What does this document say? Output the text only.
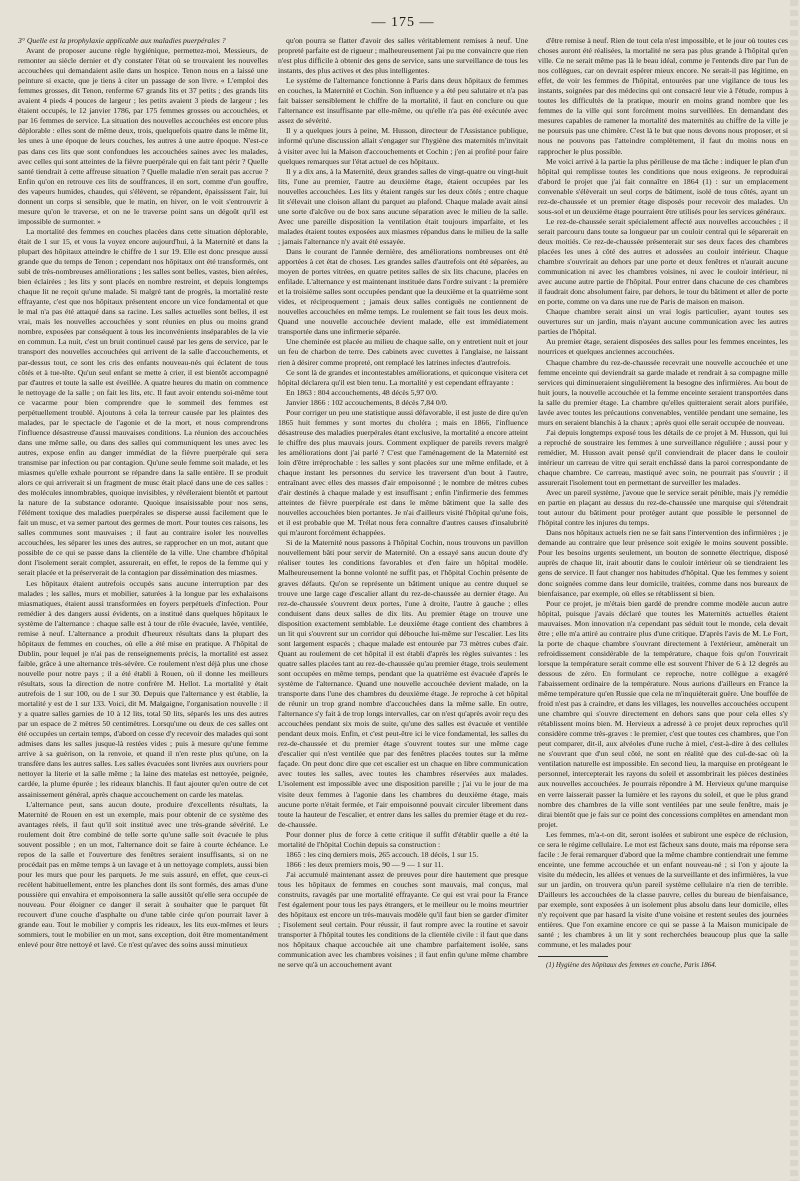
— 175 —

3° Quelle est la prophylaxie applicable aux maladies puerpérales ?

Avant de proposer aucune règle hygiénique, permettez-moi, Messieurs, de remonter au siècle dernier et d'y constater l'état où se trouvaient les nouvelles accouchées qui demandaient asile dans un hospice. Tenon nous en a laissé une peinture si exacte, que je tiens à citer un passage de son livre. « L'emploi des femmes grosses, dit Tenon, renferme 67 grands lits et 37 petits ; des grands lits avaient 4 pieds 4 pouces de largeur ; les petits avaient 3 pieds de largeur ; les étaient occupés, le 12 janvier 1786, par 175 femmes grosses ou accouchées, et par 16 femmes de service. La situation des nouvelles accouchées est encore plus déplorable : elles sont de même deux, trois, quelquefois quatre dans le même lit, les unes à une époque de leurs couches, les autres à une autre époque. N'est-ce pas dans ces lits que sont confondues les accouchées saines avec les malades, avec celles qui sont atteintes de la fièvre puerpérale qui en fait tant périr ? Quelle santé tiendrait à cette affreuse situation ? Quelle maladie n'en serait pas accrue ? Enfin qu'on en retrouve ces lits de souffrances, il en sort, comme d'un gouffre, des vapeurs humides, chaudes, qui s'élèvent, se répandent, épaississent l'air, lui donnent un corps si sensible, que le matin, en hiver, on le voit s'entrouvrir à mesure qu'on le traverse, et on ne le traverse point sans un dégoût qu'il est impossible de surmonter. »

La mortalité des femmes en couches placées dans cette situation déplorable, était de 1 sur 15, et vous la voyez encore aujourd'hui, à la Maternité et dans la plupart des hôpitaux atteindre le chiffre de 1 sur 19. Elle est donc presque aussi grande que du temps de Tenon ; cependant nos hôpitaux ont été transformés, ont subi de très-nombreuses améliorations ; les salles sont belles, vastes, bien aérées, bien éclairées ; les lits y sont placés en nombre restreint, et depuis longtemps chaque lit ne reçoit qu'une malade. Si malgré tant de progrès, la mortalité reste effrayante, c'est que nos hôpitaux présentent encore un vice fondamental et que le mal n'a pas été attaqué dans sa racine. Les salles actuelles sont belles, il est vrai, mais les nouvelles accouchées y sont réunies en plus ou moins grand nombre, exposées par conséquent à tous les inconvénients inséparables de la vie en commun. La nuit, c'est un bruit continuel causé par les gens de service, par le transport des nouvelles accouchées qui arrivent de la salle d'accouchements, et par-dessus tout, ce sont les cris des enfants nouveau-nés qui éclatent de tous côtés et à tue-tête. Qu'un seul enfant se mette à crier, il est bientôt accompagné par d'autres et toute la salle est éveillée. A quatre heures du matin on commence le nettoyage de la salle ; on fait les lits, etc. Il faut avoir entendu soi-même tout ce vacarme pour bien comprendre que le sommeil des femmes est perpétuellement troublé. Ajoutons à cela la terreur causée par les plaintes des malades, par le spectacle de l'agonie et de la mort, et nous comprendrons l'influence désastreuse d'aussi mauvaises conditions. La réunion des accouchées dans une même salle, ou dans des salles qui communiquent les unes avec les autres, expose enfin au danger immédiat de la fièvre puerpérale qui sera transmise par infection ou par contagion. Qu'une seule femme soit malade, et les miasmes qu'elle exhale pourront se répandre dans la salle entière. Il se produit alors ce qui arriverait si un fragment de musc était placé dans une de ces salles : des molécules innombrables, quoique invisibles, y révéleraient bientôt et partout la nature de la substance odorante. Quoique insaisissable pour nos sens, l'élément toxique des maladies puerpérales se disperse aussi facilement que le fait un musc, et va semer partout des germes de mort. Pour toutes ces raisons, les salles communes sont mauvaises ; il faut au contraire isoler les nouvelles accouchées, les séparer les unes des autres, se rapprocher en un mot, autant que possible de ce qui se passe dans la clientèle de la ville. Une chambre d'hôpital dont l'isolement serait complet, assurerait, en effet, le repos de la femme qui y serait placée et la préserverait de la contagion par dissémination des miasmes.

Les hôpitaux étaient autrefois occupés sans aucune interruption par des malades ; les salles, murs et mobilier, saturées à la longue par les exhalaisons miasmatiques, étaient aussi transformées en foyers perpétuels d'infection. Pour remédier à des dangers aussi évidents, on a institué dans quelques hôpitaux le système de l'alternance : chaque salle est à tour de rôle évacuée, lavée, ventilée, remise à neuf. L'alternance a produit d'heureux résultats dans la plupart des hôpitaux de femmes en couches, où elle a été mise en pratique. A l'hôpital de Dublin, pour lequel je n'ai pas de renseignements précis, la mortalité est assez faible, grâce à une alternance très-sévère. Ce roulement n'est déjà plus une chose nouvelle pour notre pays ; il a été établi à Rouen, où il donne les meilleurs résultats, sous la direction de notre confrère M. Hellot. La mortalité y était autrefois de 1 sur 100, ou de 1 sur 30. Depuis que l'alternance y est établie, la mortalité y est de 1 sur 133. Voici, dit M. Malgaigne, l'organisation nouvelle : il y a quatre salles garnies de 10 à 12 lits, total 50 lits, séparés les uns des autres par un espace de 2 mètres 50 centimètres. Lorsqu'une ou deux de ces salles ont été occupées un certain temps, d'abord on cesse d'y recevoir des malades qui sont admises dans les salles jusque-là restées vides ; puis à mesure qu'une femme arrive à sa guérison, on la renvoie, et quand il n'en reste plus qu'une, on la transfère dans les autres salles. Les salles évacuées sont livrées aux ouvriers pour nettoyer la literie et la salle même ; la laine des matelas est nettoyée, peignée, cardée, la plume épurée ; les rideaux blanchis. Il faut ajouter qu'en outre de cet assainissement général, après chaque accouchement on carde les matelas.

L'alternance peut, sans aucun doute, produire d'excellents résultats, la Maternité de Rouen en est un exemple, mais pour obtenir de ce système des avantages réels, il faut qu'il soit institué avec une très-grande sévérité. Le roulement doit être combiné de telle sorte qu'une salle soit évacuée le plus souvent possible ; en un mot, l'alternance doit se faire à courte échéance. Le repos de la salle et l'ouverture des fenêtres seraient insuffisants, si on ne procédait pas en même temps à un lavage et à un nettoyage complets, aussi bien pour les murs que pour les parquets. Je me suis assuré, en effet, que ceux-ci recèlent habituellement, entre les planches dont ils sont formés, des amas d'une poussière qui envahira et empoisonnera la salle aussitôt qu'elle sera occupée de nouveau. Pour éloigner ce danger il serait à souhaiter que le parquet fût recouvert d'une couche d'asphalte ou d'une table cirée qu'on pourrait laver à grande eau. Tout le mobilier y compris les rideaux, les lits eux-mêmes et leurs sommiers, tout le mobilier en un mot, sans exception, doit être momentanément enlevé pour être nettoyé et lavé. Ce n'est qu'avec des soins aussi minutieux

qu'on pourra se flatter d'avoir des salles véritablement remises à neuf. Une propreté parfaite est de rigueur ; malheureusement j'ai pu me convaincre que rien n'est plus difficile à obtenir des gens de service, sans une surveillance de tous les instants, des plus actives et des plus intelligentes.

Le système de l'alternance fonctionne à Paris dans deux hôpitaux de femmes en couches, la Maternité et Cochin. Son influence y a été peu salutaire et n'a pas fait baisser sensiblement le chiffre de la mortalité, il faut en conclure ou que l'alternance est insuffisante par elle-même, ou qu'elle n'a pas été exécutée avec assez de sévérité.

Il y a quelques jours à peine, M. Husson, directeur de l'Assistance publique, informé qu'une discussion allait s'engager sur l'hygiène des maternités m'invitait à visiter avec lui la Maison d'accouchements et Cochin ; j'en ai profité pour faire quelques remarques sur l'état actuel de ces hôpitaux.

Il y a dix ans, à la Maternité, deux grandes salles de vingt-quatre ou vingt-huit lits, l'une au premier, l'autre au deuxième étage, étaient occupées par les nouvelles accouchées. Les lits y étaient rangés sur les deux côtés ; entre chaque lit s'élevait une cloison allant du parquet au plafond. Chaque malade avait ainsi une sorte d'alcôve ou de box sans aucune séparation avec le milieu de la salle. Avec une pareille disposition la ventilation était toujours imparfaite, et les malades étaient toutes exposées aux miasmes répandus dans le milieu de la salle ; jamais l'alternance n'y avait été essayée.

Dans le courant de l'année dernière, des améliorations nombreuses ont été apportées à cet état de choses. Les grandes salles d'autrefois ont été séparées, au moyen de portes vitrées, en quatre petites salles de six lits chacune, placées en enfilade. L'alternance y est maintenant instituée dans l'ordre suivant : la première et la troisième salles sont occupées pendant que la deuxième et la quatrième sont vides, et réciproquement ; jamais deux salles contiguës ne contiennent de nouvelles accouchées en même temps. Le roulement se fait tous les deux mois. Quand une nouvelle accouchée devient malade, elle est immédiatement transportée dans une infirmerie séparée.

Une cheminée est placée au milieu de chaque salle, on y entretient nuit et jour un feu de charbon de terre. Des cabinets avec cuvettes à l'anglaise, ne laissant rien à désirer comme propreté, ont remplacé les latrines infectes d'autrefois.

Ce sont là de grandes et incontestables améliorations, et quiconque visitera cet hôpital déclarera qu'il est bien tenu. La mortalité y est cependant effrayante :

En 1863 : 804 accouchements, 48 décès 5,97 0/0.

Janvier 1866 : 102 accouchements, 8 décès 7,84 0/0.

Pour corriger un peu une statistique aussi défavorable, il est juste de dire qu'en 1865 huit femmes y sont mortes du choléra ; mais en 1866, l'influence désastreuse des maladies puerpérales étant exclusive, la mortalité a encore atteint le chiffre des plus mauvais jours. Comment expliquer de pareils revers malgré les améliorations dont j'ai parlé ? C'est que l'aménagement de la Maternité est loin d'être irréprochable : les salles y sont placées sur une même enfilade, et à chaque instant les personnes du service les traversent d'un bout à l'autre, entraînant avec elles des masses d'air empoisonné ; le nombre de mètres cubes d'air destinés à chaque malade y est insuffisant ; enfin l'infirmerie des femmes atteintes de fièvre puerpérale est dans le même bâtiment que la salle des nouvelles accouchées bien portantes. Je n'ai d'ailleurs visité l'hôpital qu'une fois, et il est probable que M. Trélat nous fera connaître d'autres causes d'insalubrité qui m'auront forcément échappées.

Si de la Maternité nous passons à l'hôpital Cochin, nous trouvons un pavillon nouvellement bâti pour servir de Maternité. On a essayé sans aucun doute d'y réaliser toutes les conditions favorables et d'en faire un hôpital modèle. Malheureusement la bonne volonté ne suffit pas, et l'hôpital Cochin présente de graves défauts. Qu'on se représente un bâtiment unique au centre duquel se trouve une large cage d'escalier allant du rez-de-chaussée au dernier étage. Au rez-de-chaussée s'ouvrent deux portes, l'une à droite, l'autre à gauche ; elles conduisent dans deux salles de dix lits. Au premier étage on trouve une disposition exactement semblable. Le deuxième étage contient des chambres à un lit qui s'ouvrent sur un corridor qui débouche lui-même sur l'escalier. Les lits sont largement espacés ; chaque malade est entourée par 73 mètres cubes d'air. Quant au roulement de cet hôpital il est établi d'après les règles suivantes : les quatre salles placées tant au rez-de-chaussée qu'au premier étage, trois seulement sont occupées en même temps, pendant que la quatrième est évacuée d'après le système de l'alternance. Quand une nouvelle accouchée devient malade, on la transporte dans l'une des chambres du deuxième étage. Je reproche à cet hôpital de réunir un trop grand nombre d'accouchées dans la même salle. En outre, l'alternance s'y fait à de trop longs intervalles, car on n'est qu'après avoir reçu des accouchées pendant six mois de suite, qu'une des salles est évacuée et ventilée pendant deux mois. Enfin, et c'est peut-être ici le vice fondamental, les salles du rez-de-chaussée et du premier étage s'ouvrent toutes sur une même cage d'escalier qui n'est ventilée que par des fenêtres placées toutes sur la même façade. On peut donc dire que cet escalier est un chaque en libre communication avec toutes les salles, avec toutes les chambres réservées aux malades. L'isolement est impossible avec une disposition pareille ; j'ai vu le jour de ma visite deux femmes à l'agonie dans les chambres du deuxième étage, mais aucune porte n'était fermée, et l'air empoisonné pouvait circuler librement dans toute la hauteur de l'escalier, et entrer dans les salles du premier étage et du rez-de-chaussée.

Pour donner plus de force à cette critique il suffit d'établir quelle a été la mortalité de l'hôpital Cochin depuis sa construction :

1865 : les cinq derniers mois, 265 accouch. 18 décès, 1 sur 15.

1866 : les deux premiers mois, 90 — 9 — 1 sur 11.

J'ai accumulé maintenant assez de preuves pour dire hautement que presque tous les hôpitaux de femmes en couches sont mauvais, mal conçus, mal construits, ravagés par une mortalité effrayante. Ce qui est vrai pour la France l'est également pour tous les pays étrangers, et le meilleur ou le moins meurtrier des hôpitaux est encore un très-mauvais modèle qu'il faut bien se garder d'imiter ; l'isolement seul certain. Pour réussir, il faut rompre avec la routine et savoir transporter à l'hôpital toutes les conditions de la clientèle civile : il faut que dans nos hôpitaux chaque accouchée ait une chambre parfaitement isolée, sans communication avec les chambres voisines ; il faut enfin qu'une même chambre ne serve qu'à un accouchement avant

d'être remise à neuf. Rien de tout cela n'est impossible, et le jour où toutes ces choses auront été réalisées, la mortalité ne sera pas plus grande à l'hôpital qu'en ville. Ce ne serait même pas là le beau idéal, comme je l'entends dire par l'un de nos collègues, car on devrait espérer mieux encore. Ne serait-il pas légitime, en effet, de voir les femmes de l'hôpital, entourées par une vigilance de tous les instants, soignées par des médecins qui ont consacré leur vie à l'étude, rompus à toutes les difficultés de la pratique, mourir en moins grand nombre que les femmes de la ville qui sont forcément moins surveillées. En demandant des mesures capables de ramener la mortalité des maternités au chiffre de la ville je ne poursuis pas une chimère. C'est là le but que nous devons nous proposer, et si nous ne pouvons pas l'atteindre complètement, il faut du moins nous en rapprocher le plus possible.

Me voici arrivé à la partie la plus périlleuse de ma tâche : indiquer le plan d'un hôpital qui remplisse toutes les conditions que nous exigeons. Je reproduirai d'abord le projet que j'ai fait connaître en 1864 (1) : sur un emplacement convenable s'élèverait un seul corps de bâtiment, isolé de tous côtés, ayant un rez-de-chaussée et un premier étage disposés pour recevoir des malades. Un sous-sol et un deuxième étage pourraient être utilisés pour les services généraux.

Le rez-de-chaussée serait spécialement affecté aux nouvelles accouchées ; il serait parcouru dans toute sa longueur par un couloir central qui le séparerait en deux moitiés. Ce rez-de-chaussée présenterait sur ses deux faces des chambres placées les unes à côté des autres et adossées au couloir intérieur. Chaque chambre s'ouvrirait au dehors par une porte et deux fenêtres et n'aurait aucune communication ni avec les chambres voisines, ni avec le couloir intérieur, ni avec aucune autre partie de l'hôpital. Pour entrer dans chacune de ces chambres il faudrait donc absolument faire, par dehors, le tour du bâtiment et aller de porte en porte, comme on va dans une rue de Paris de maison en maison.

Chaque chambre serait ainsi un vrai logis particulier, ayant toutes ses ouvertures sur un jardin, mais n'ayant aucune communication avec les autres parties de l'hôpital.

Au premier étage, seraient disposées des salles pour les femmes enceintes, les nourrices et quelques anciennes accouchées.

Chaque chambre du rez-de-chaussée recevrait une nouvelle accouchée et une femme enceinte qui deviendrait sa garde malade et rendrait à sa compagne mille services qui diminueraient singulièrement la besogne des infirmières. Au bout de huit jours, la nouvelle accouchée et la femme enceinte seraient transportées dans la salle du premier étage. La chambre qu'elles quitteraient serait alors purifiée, lavée avec toutes les précautions convenables, ventilée pendant une semaine, les murs en seraient blanchis à la chaux ; après quoi elle serait occupée de nouveau.

J'ai depuis longtemps exposé tous les détails de ce projet à M. Husson, qui lui a reproché de soustraire les femmes à une surveillance régulière ; aussi pour y remédier, M. Husson avait pensé qu'il conviendrait de placer dans le couloir intérieur un carreau de vitre qui serait enchâssé dans la paroi correspondante de chaque chambre. Ce carreau, mastiqué avec soin, ne pourrait pas s'ouvrir ; il assurerait l'isolement tout en permettant de surveiller les malades.

Avec un pareil système, j'avoue que le service serait pénible, mais j'y remédie en partie en plaçant au dessus du rez-de-chaussée une marquise qui s'étendrait tout autour du bâtiment pour protéger autant que possible le personnel de l'hôpital contre les injures du temps.

Dans nos hôpitaux actuels rien ne se fait sans l'intervention des infirmières ; je demande au contraire que leur présence soit exigée le moins souvent possible. Pour les besoins urgents seulement, un bouton de sonnette électrique, disposé auprès de chaque lit, irait aboutir dans le couloir intérieur où se tiendraient les gens de service. Il faut changer nos habitudes d'hôpital. Que les femmes y soient donc soignées comme dans leur domicile, traitées, comme dans nos bureaux de bienfaisance, par exemple, où elles se rétablissent si bien.

Pour ce projet, je m'étais bien gardé de prendre comme modèle aucun autre hôpital, puisque j'avais déclaré que toutes les Maternités actuelles étaient mauvaises. Mon innovation n'a cependant pas séduit tout le monde, cela devait être ; elle m'a attiré au contraire plus d'une critique. D'après l'avis de M. Le Fort, la porte de chaque chambre s'ouvrant directement à l'extérieur, amènerait un refroidissement considérable de la température, chaque fois qu'on l'ouvrirait lorsque la température serait comme elle est souvent l'hiver de 6 à 12 degrés au dessous de zéro. En formulant ce reproche, notre collègue a exagéré l'abaissement ordinaire de la température. Nous aurions d'ailleurs en France la même température qu'en Russie que cela ne m'inquiéterait guère. Une bouffée de froid n'est pas à craindre, et dans les villages, les nouvelles accouchées occupent une chambre qui s'ouvre directement en dehors sans que pour cela elles s'y rétablissent moins bien. M. Hervieux a adressé à ce projet deux reproches qu'il considère comme très-graves : le premier, c'est que toutes ces chambres, que l'on peut comparer, dit-il, aux alvéoles d'une ruche à miel, c'est-à-dire à des cellules ne s'ouvrant que d'un seul côté, ne sont en réalité que des cul-de-sac où la ventilation naturelle est impossible. En second lieu, la marquise en protégeant le personnel, intercepterait les rayons du soleil et assombrirait les pièces destinées aux nouvelles accouchées. Je pourrais répondre à M. Hervieux qu'une marquise en verre laisserait passer la lumière et les rayons du soleil, et que le plus grand nombre des chambres de la ville sont ventilées par une seule fenêtre, mais je dirai bientôt que je fais sur ce point des concessions complètes en amendant mon projet.

Les femmes, m'a-t-on dit, seront isolées et subiront une espèce de réclusion, ce sera le régime cellulaire. Le mot est fâcheux sans doute, mais ma réponse sera facile : Je ferai remarquer d'abord que la même chambre contiendrait une femme enceinte, une femme accouchée et un enfant nouveau-né ; si l'on y ajoute la visite du médecin, les allées et venues de la surveillante et des infirmières, la vue sur un jardin, on trouvera qu'un pareil système cellulaire n'a rien de terrible. D'ailleurs les accouchées de la classe pauvre, celles du bureau de bienfaisance, par exemple, sont exposées à un isolement plus absolu dans leur domicile, elles n'y reçoivent que par hasard la visite d'une voisine et restent seules des journées entières. Que l'on examine encore ce qui se passe à la Maison municipale de santé ; les chambres à un lit y sont recherchées beaucoup plus que la salle commune, et les malades pour

(1) Hygiène des hôpitaux des femmes en couche, Paris 1864.
